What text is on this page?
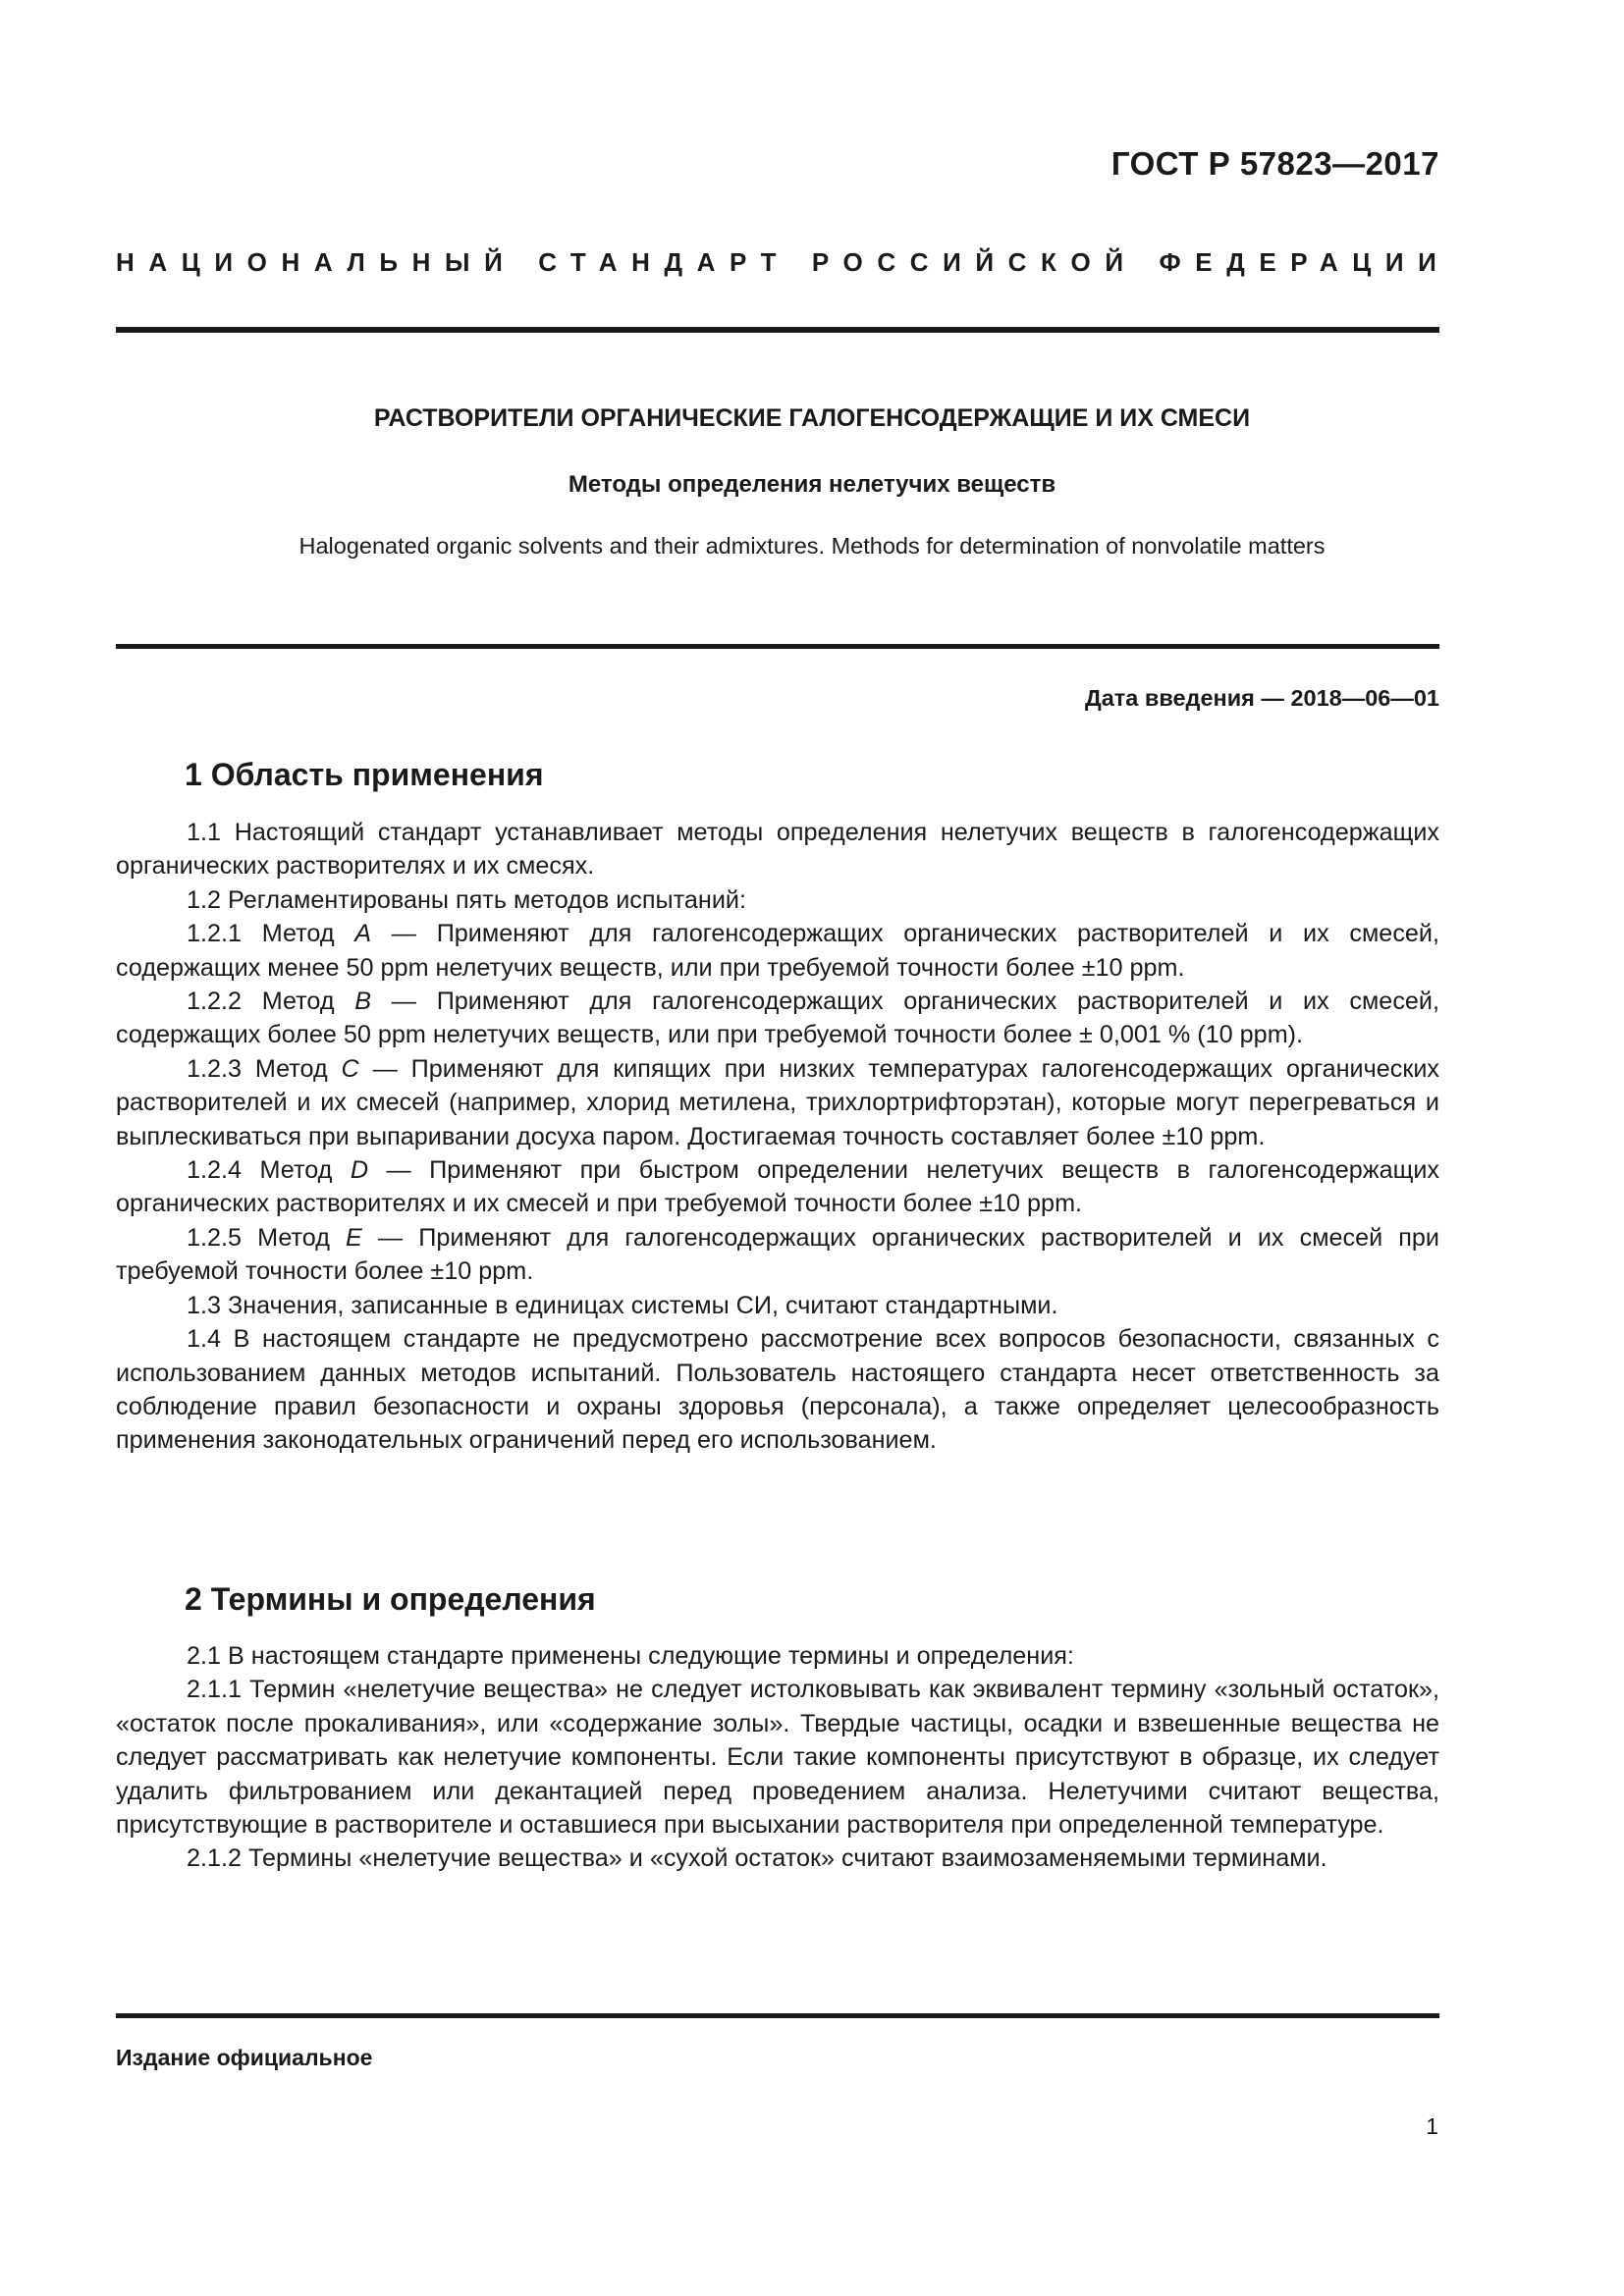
ГОСТ Р 57823—2017
НАЦИОНАЛЬНЫЙ СТАНДАРТ РОССИЙСКОЙ ФЕДЕРАЦИИ
РАСТВОРИТЕЛИ ОРГАНИЧЕСКИЕ ГАЛОГЕНСОДЕРЖАЩИЕ И ИХ СМЕСИ
Методы определения нелетучих веществ
Halogenated organic solvents and their admixtures. Methods for determination of nonvolatile matters
Дата введения — 2018—06—01
1 Область применения

1.1 Настоящий стандарт устанавливает методы определения нелетучих веществ в галогенсодержащих органических растворителях и их смесях.

1.2 Регламентированы пять методов испытаний:

1.2.1 Метод А — Применяют для галогенсодержащих органических растворителей и их смесей, содержащих менее 50 ppm нелетучих веществ, или при требуемой точности более ±10 ppm.

1.2.2 Метод В — Применяют для галогенсодержащих органических растворителей и их смесей, содержащих более 50 ppm нелетучих веществ, или при требуемой точности более ± 0,001 % (10 ppm).

1.2.3 Метод С — Применяют для кипящих при низких температурах галогенсодержащих органических растворителей и их смесей (например, хлорид метилена, трихлортрифторэтан), которые могут перегреваться и выплескиваться при выпаривании досуха паром. Достигаемая точность составляет более ±10 ppm.

1.2.4 Метод D — Применяют при быстром определении нелетучих веществ в галогенсодержащих органических растворителях и их смесей и при требуемой точности более ±10 ppm.

1.2.5 Метод Е — Применяют для галогенсодержащих органических растворителей и их смесей при требуемой точности более ±10 ppm.

1.3 Значения, записанные в единицах системы СИ, считают стандартными.

1.4 В настоящем стандарте не предусмотрено рассмотрение всех вопросов безопасности, связанных с использованием данных методов испытаний. Пользователь настоящего стандарта несет ответственность за соблюдение правил безопасности и охраны здоровья (персонала), а также определяет целесообразность применения законодательных ограничений перед его использованием.

2 Термины и определения

2.1 В настоящем стандарте применены следующие термины и определения:

2.1.1 Термин «нелетучие вещества» не следует истолковывать как эквивалент термину «зольный остаток», «остаток после прокаливания», или «содержание золы». Твердые частицы, осадки и взвешенные вещества не следует рассматривать как нелетучие компоненты. Если такие компоненты присутствуют в образце, их следует удалить фильтрованием или декантацией перед проведением анализа. Нелетучими считают вещества, присутствующие в растворителе и оставшиеся при высыхании растворителя при определенной температуре.

2.1.2 Термины «нелетучие вещества» и «сухой остаток» считают взаимозаменяемыми терминами.

Издание официальное
1
